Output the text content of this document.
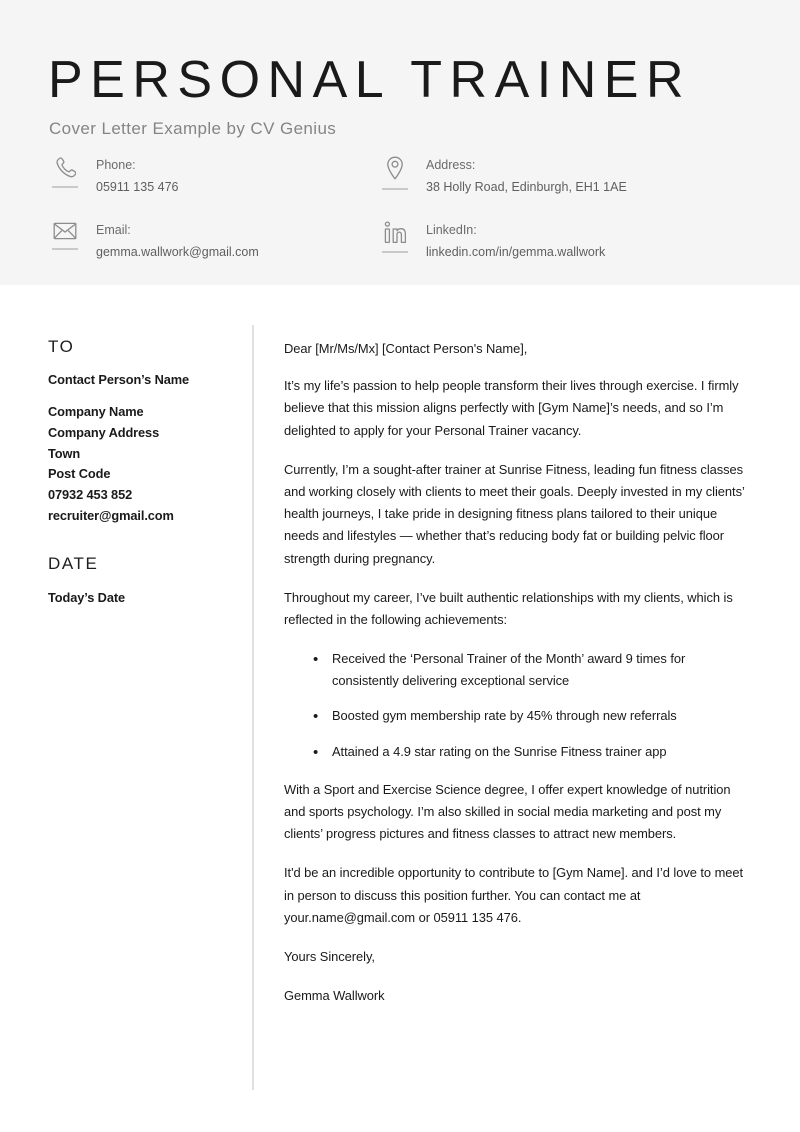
PERSONAL TRAINER
Cover Letter Example by CV Genius
Phone:
05911 135 476
Email:
gemma.wallwork@gmail.com
Address:
38 Holly Road, Edinburgh, EH1 1AE
LinkedIn:
linkedin.com/in/gemma.wallwork
TO
Contact Person’s Name
Company Name
Company Address
Town
Post Code
07932 453 852
recruiter@gmail.com
DATE
Today’s Date

Dear [Mr/Ms/Mx] [Contact Person's Name],

It’s my life’s passion to help people transform their lives through exercise. I firmly believe that this mission aligns perfectly with [Gym Name]’s needs, and so I’m delighted to apply for your Personal Trainer vacancy.

Currently, I’m a sought-after trainer at Sunrise Fitness, leading fun fitness classes and working closely with clients to meet their goals. Deeply invested in my clients’ health journeys, I take pride in designing fitness plans tailored to their unique needs and lifestyles — whether that’s reducing body fat or building pelvic floor strength during pregnancy.

Throughout my career, I’ve built authentic relationships with my clients, which is reflected in the following achievements:

• Received the ‘Personal Trainer of the Month’ award 9 times for consistently delivering exceptional service
• Boosted gym membership rate by 45% through new referrals
• Attained a 4.9 star rating on the Sunrise Fitness trainer app

With a Sport and Exercise Science degree, I offer expert knowledge of nutrition and sports psychology. I’m also skilled in social media marketing and post my clients’ progress pictures and fitness classes to attract new members.

It'd be an incredible opportunity to contribute to [Gym Name]. and I’d love to meet in person to discuss this position further. You can contact me at your.name@gmail.com or 05911 135 476.

Yours Sincerely,

Gemma Wallwork
